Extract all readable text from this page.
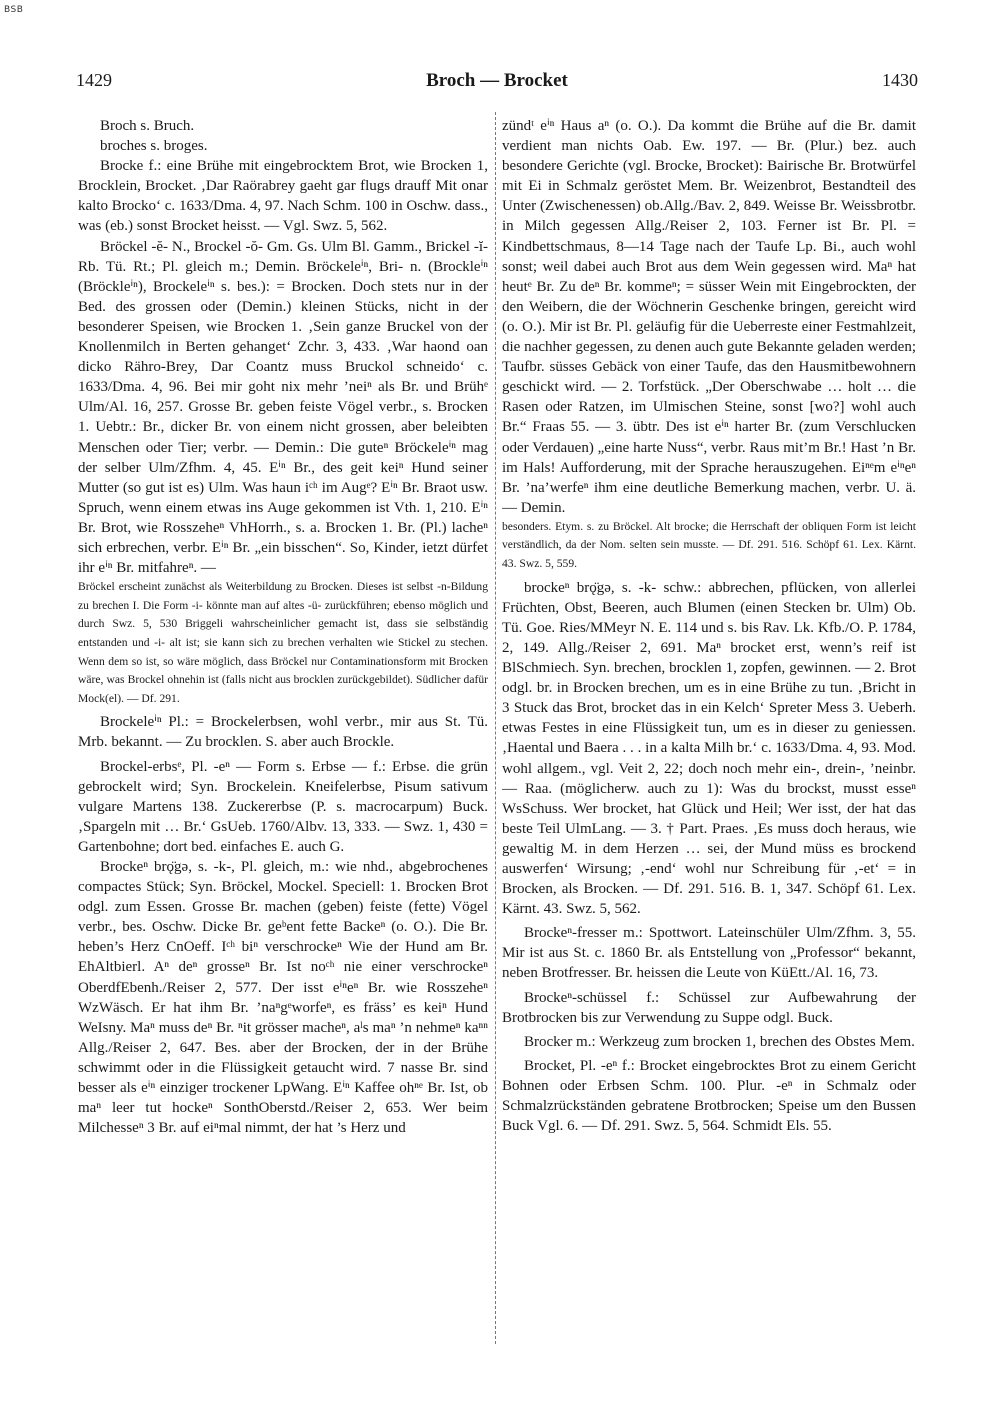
BSB
1429	Broch — Brocket	1430

Broch s. Bruch.

broches s. broges.

Brocke f.: eine Brühe mit eingebrocktem Brot, wie Brocken 1, Brocklein, Brocket. ‚Dar Raörabrey gaeht gar flugs drauff Mit onar kalto Brocko‘ c. 1633/Dma. 4, 97. Nach Schm. 100 in Oschw. dass., was (eb.) sonst Brocket heisst. — Vgl. Swz. 5, 562.

Bröckel -ĕ- N., Brockel -ŏ- Gm. Gs. Ulm Bl. Gamm., Brickel -ĭ- Rb. Tü. Rt.; Pl. gleich m.; Demin. Bröckeleⁱⁿ, Bri- n. (Brockleⁱⁿ (Bröckleⁱⁿ), Brockeleⁱⁿ s. bes.): = Brocken. Doch stets nur in der Bed. des grossen oder (Demin.) kleinen Stücks, nicht in der besonderer Speisen, wie Brocken 1. ‚Sein ganze Bruckel von der Knollenmilch in Berten gehanget‘ Zchr. 3, 433. ‚War haond oan dicko Rähro-Brey, Dar Coantz muss Bruckol schneido‘ c. 1633/Dma. 4, 96. Bei mir goht nix mehr ’neiⁿ als Br. und Brühᵉ Ulm/Al. 16, 257. Grosse Br. geben feiste Vögel verbr., s. Brocken 1. Uebtr.: Br., dicker Br. von einem nicht grossen, aber beleibten Menschen oder Tier; verbr. — Demin.: Die guteⁿ Bröckeleⁱⁿ mag der selber Ulm/Zfhm. 4, 45. Eⁱⁿ Br., des geit keiⁿ Hund seiner Mutter (so gut ist es) Ulm. Was haun iᶜʰ im Augᵉ? Eⁱⁿ Br. Braot usw. Spruch, wenn einem etwas ins Auge gekommen ist Vth. 1, 210. Eⁱⁿ Br. Brot, wie Rosszeheⁿ VhHorrh., s. a. Brocken 1. Br. (Pl.) lacheⁿ sich erbrechen, verbr. Eⁱⁿ Br. „ein bisschen“. So, Kinder, ietzt dürfet ihr eⁱⁿ Br. mitfahreⁿ. —

Bröckel erscheint zunächst als Weiterbildung zu Brocken. Dieses ist selbst -n-Bildung zu brechen I. Die Form -i- könnte man auf altes -ü- zurückführen; ebenso möglich und durch Swz. 5, 530 Briggeli wahrscheinlicher gemacht ist, dass sie selbständig entstanden und -i- alt ist; sie kann sich zu brechen verhalten wie Stickel zu stechen. Wenn dem so ist, so wäre möglich, dass Bröckel nur Contaminationsform mit Brocken wäre, was Brockel ohnehin ist (falls nicht aus brocklen zurückgebildet). Südlicher dafür Mock(el). — Df. 291.

Brockeleⁱⁿ Pl.: = Brockelerbsen, wohl verbr., mir aus St. Tü. Mrb. bekannt. — Zu brocklen. S. aber auch Brockle.

Brockel-erbsᵉ, Pl. -eⁿ — Form s. Erbse — f.: Erbse. die grün gebrockelt wird; Syn. Brockelein. Kneifelerbse, Pisum sativum vulgare Martens 138. Zuckererbse (P. s. macrocarpum) Buck. ‚Spargeln mit … Br.‘ GsUeb. 1760/Albv. 13, 333. — Swz. 1, 430 = Gartenbohne; dort bed. einfaches E. auch G.

Brockeⁿ brǫ̈gə, s. -k-, Pl. gleich, m.: wie nhd., abgebrochenes compactes Stück; Syn. Bröckel, Mockel. Speciell: 1. Brocken Brot odgl. zum Essen. Grosse Br. machen (geben) feiste (fette) Vögel verbr., bes. Oschw. Dicke Br. geᵇent fette Backeⁿ (o. O.). Die Br. heben’s Herz CnOeff. Iᶜʰ biⁿ verschrockeⁿ Wie der Hund am Br. EhAltbierl. Aⁿ deⁿ grosseⁿ Br. Ist noᶜʰ nie einer verschrockeⁿ OberdfEbenh./Reiser 2, 577. Der isst eⁱⁿeⁿ Br. wie Rosszeheⁿ WzWäsch. Er hat ihm Br. ’naⁿgᵉworfeⁿ, es fräss’ es keiⁿ Hund WeIsny. Maⁿ muss deⁿ Br. ⁿit grösser macheⁿ, aˡs maⁿ ’n nehmeⁿ kaⁿⁿ Allg./Reiser 2, 647. Bes. aber der Brocken, der in der Brühe schwimmt oder in die Flüssigkeit getaucht wird. 7 nasse Br. sind besser als eⁱⁿ einziger trockener LpWang. Eⁱⁿ Kaffee ohⁿᵉ Br. Ist, ob maⁿ leer tut hockeⁿ SonthOberstd./Reiser 2, 653. Wer beim Milchesseⁿ 3 Br. auf eiⁿmal nimmt, der hat ’s Herz und

zündᵗ eⁱⁿ Haus aⁿ (o. O.). Da kommt die Brühe auf die Br. damit verdient man nichts Oab. Ew. 197. — Br. (Plur.) bez. auch besondere Gerichte (vgl. Brocke, Brocket): Bairische Br. Brotwürfel mit Ei in Schmalz geröstet Mem. Br. Weizenbrot, Bestandteil des Unter (Zwischenessen) ob.Allg./Bav. 2, 849. Weisse Br. Weissbrotbr. in Milch gegessen Allg./Reiser 2, 103. Ferner ist Br. Pl. = Kindbettschmaus, 8—14 Tage nach der Taufe Lp. Bi., auch wohl sonst; weil dabei auch Brot aus dem Wein gegessen wird. Maⁿ hat heutᵉ Br. Zu deⁿ Br. kommeⁿ; = süsser Wein mit Eingebrockten, der den Weibern, die der Wöchnerin Geschenke bringen, gereicht wird (o. O.). Mir ist Br. Pl. geläufig für die Ueberreste einer Festmahlzeit, die nachher gegessen, zu denen auch gute Bekannte geladen werden; Taufbr. süsses Gebäck von einer Taufe, das den Hausmitbewohnern geschickt wird. — 2. Torfstück. „Der Oberschwabe … holt … die Rasen oder Ratzen, im Ulmischen Steine, sonst [wo?] wohl auch Br.“ Fraas 55. — 3. übtr. Des ist eⁱⁿ harter Br. (zum Verschlucken oder Verdauen) „eine harte Nuss“, verbr. Raus mit’m Br.! Hast ’n Br. im Hals! Aufforderung, mit der Sprache herauszugehen. Eiⁿᵉm eⁱⁿeⁿ Br. ’na’werfeⁿ ihm eine deutliche Bemerkung machen, verbr. U. ä. — Demin.

besonders. Etym. s. zu Bröckel. Alt brocke; die Herrschaft der obliquen Form ist leicht verständlich, da der Nom. selten sein musste. — Df. 291. 516. Schöpf 61. Lex. Kärnt. 43. Swz. 5, 559.

brockeⁿ brǫ̈gə, s. -k- schw.: abbrechen, pflücken, von allerlei Früchten, Obst, Beeren, auch Blumen (einen Stecken br. Ulm) Ob. Tü. Goe. Ries/MMeyr N. E. 114 und s. bis Rav. Lk. Kfb./O. P. 1784, 2, 149. Allg./Reiser 2, 691. Maⁿ brocket erst, wenn’s reif ist BlSchmiech. Syn. brechen, brocklen 1, zopfen, gewinnen. — 2. Brot odgl. br. in Brocken brechen, um es in eine Brühe zu tun. ‚Bricht in 3 Stuck das Brot, brocket das in ein Kelch‘ Spreter Mess 3. Ueberh. etwas Festes in eine Flüssigkeit tun, um es in dieser zu geniessen. ‚Haental und Baera . . . in a kalta Milh br.‘ c. 1633/Dma. 4, 93. Mod. wohl allgem., vgl. Veit 2, 22; doch noch mehr ein-, drein-, ’neinbr. — Raa. (möglicherw. auch zu 1): Was du brockst, musst esseⁿ WsSchuss. Wer brocket, hat Glück und Heil; Wer isst, der hat das beste Teil UlmLang. — 3. † Part. Praes. ‚Es muss doch heraus, wie gewaltig M. in dem Herzen … sei, der Mund müss es brockend auswerfen‘ Wirsung; ‚-end‘ wohl nur Schreibung für ‚-et‘ = in Brocken, als Brocken. — Df. 291. 516. B. 1, 347. Schöpf 61. Lex. Kärnt. 43. Swz. 5, 562.

Brockeⁿ-fresser m.: Spottwort. Lateinschüler Ulm/Zfhm. 3, 55. Mir ist aus St. c. 1860 Br. als Entstellung von „Professor“ bekannt, neben Brotfresser. Br. heissen die Leute von KüEtt./Al. 16, 73.

Brockeⁿ-schüssel f.: Schüssel zur Aufbewahrung der Brotbrocken bis zur Verwendung zu Suppe odgl. Buck.

Brocker m.: Werkzeug zum brocken 1, brechen des Obstes Mem.

Brocket, Pl. -eⁿ f.: Brocket eingebrocktes Brot zu einem Gericht Bohnen oder Erbsen Schm. 100. Plur. -eⁿ in Schmalz oder Schmalzrückständen gebratene Brotbrocken; Speise um den Bussen Buck Vgl. 6. — Df. 291. Swz. 5, 564. Schmidt Els. 55.
